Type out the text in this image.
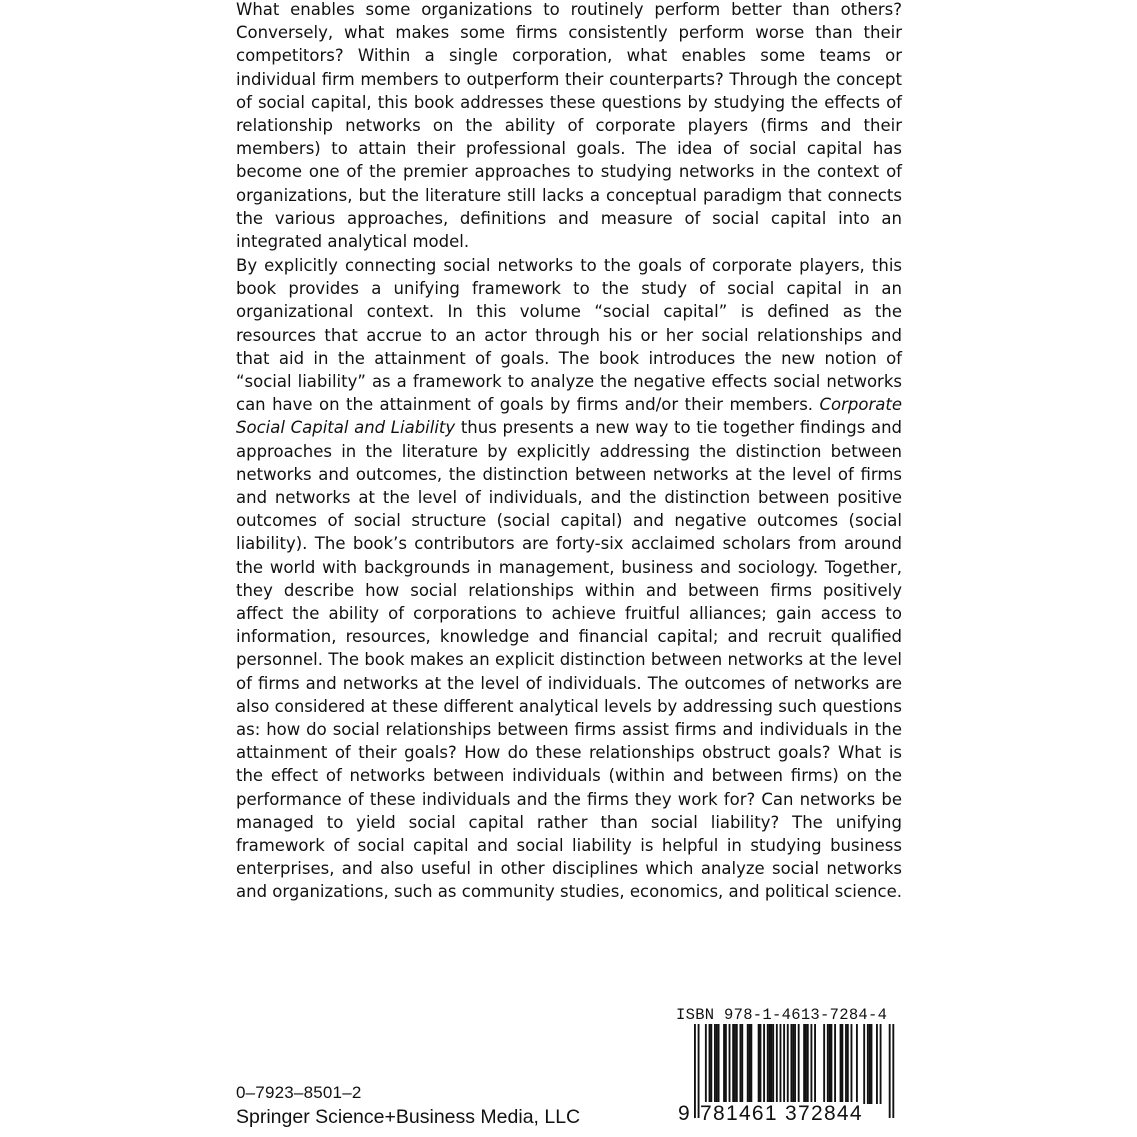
What enables some organizations to routinely perform better than others? Conversely, what makes some firms consistently perform worse than their competitors? Within a single corporation, what enables some teams or individual firm members to outperform their counterparts? Through the concept of social capital, this book addresses these questions by studying the effects of relationship networks on the ability of corporate players (firms and their members) to attain their professional goals. The idea of social capital has become one of the premier approaches to studying networks in the context of organizations, but the literature still lacks a conceptual paradigm that connects the various approaches, definitions and measure of social capital into an integrated analytical model.

By explicitly connecting social networks to the goals of corporate players, this book provides a unifying framework to the study of social capital in an organizational context. In this volume “social capital” is defined as the resources that accrue to an actor through his or her social relationships and that aid in the attainment of goals. The book introduces the new notion of “social liability” as a framework to analyze the negative effects social networks can have on the attainment of goals by firms and/or their members. Corporate Social Capital and Liability thus presents a new way to tie together findings and approaches in the literature by explicitly addressing the distinction between networks and outcomes, the distinction between networks at the level of firms and networks at the level of individuals, and the distinction between positive outcomes of social structure (social capital) and negative outcomes (social liability). The book’s contributors are forty-six acclaimed scholars from around the world with backgrounds in management, business and sociology. Together, they describe how social relationships within and between firms positively affect the ability of corporations to achieve fruitful alliances; gain access to information, resources, knowledge and financial capital; and recruit qualified personnel. The book makes an explicit distinction between networks at the level of firms and networks at the level of individuals. The outcomes of networks are also considered at these different analytical levels by addressing such questions as: how do social relationships between firms assist firms and individuals in the attainment of their goals? How do these relationships obstruct goals? What is the effect of networks between individuals (within and between firms) on the performance of these individuals and the firms they work for? Can networks be managed to yield social capital rather than social liability? The unifying framework of social capital and social liability is helpful in studying business enterprises, and also useful in other disciplines which analyze social networks and organizations, such as community studies, economics, and political science.

0–7923–8501–2

Springer Science+Business Media, LLC

ISBN 978-1-4613-7284-4

9 781461 372844
